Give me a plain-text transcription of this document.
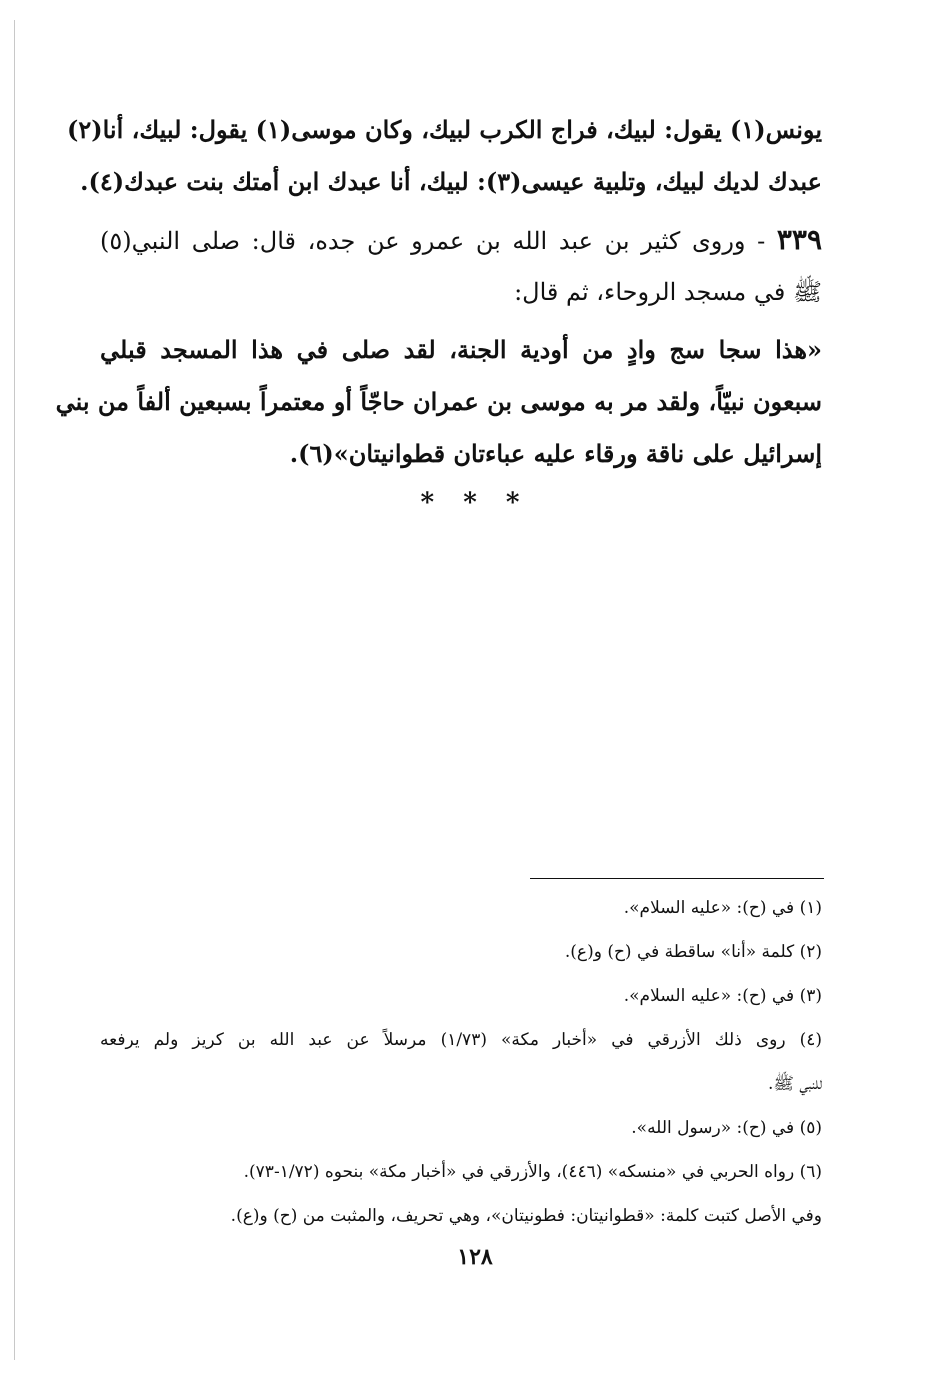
يونس(١) يقول: لبيك، فراج الكرب لبيك، وكان موسى(١) يقول: لبيك، أنا(٢)
عبدك لديك لبيك، وتلبية عيسى(٣): لبيك، أنا عبدك ابن أمتك بنت عبدك(٤).
٣٣٩ - وروى كثير بن عبد الله بن عمرو عن جده، قال: صلى النبي(٥)
ﷺ في مسجد الروحاء، ثم قال:
«هذا سجا سج وادٍ من أودية الجنة، لقد صلى في هذا المسجد قبلي
سبعون نبيّاً، ولقد مر به موسى بن عمران حاجّاً أو معتمراً بسبعين ألفاً من بني
إسرائيل على ناقة ورقاء عليه عباءتان قطوانيتان»(٦).
* * *
(١) في (ح): «عليه السلام».
(٢) كلمة «أنا» ساقطة في (ح) و(ع).
(٣) في (ح): «عليه السلام».
(٤) روى ذلك الأزرقي في «أخبار مكة» (١/٧٣) مرسلاً عن عبد الله بن كريز ولم يرفعه
للنبي ﷺ.
(٥) في (ح): «رسول الله».
(٦) رواه الحربي في «منسكه» (٤٤٦)، والأزرقي في «أخبار مكة» بنحوه (١/٧٢-٧٣).
وفي الأصل كتبت كلمة: «قطوانيتان: فطونيتان»، وهي تحريف، والمثبت من (ح) و(ع).
١٢٨
